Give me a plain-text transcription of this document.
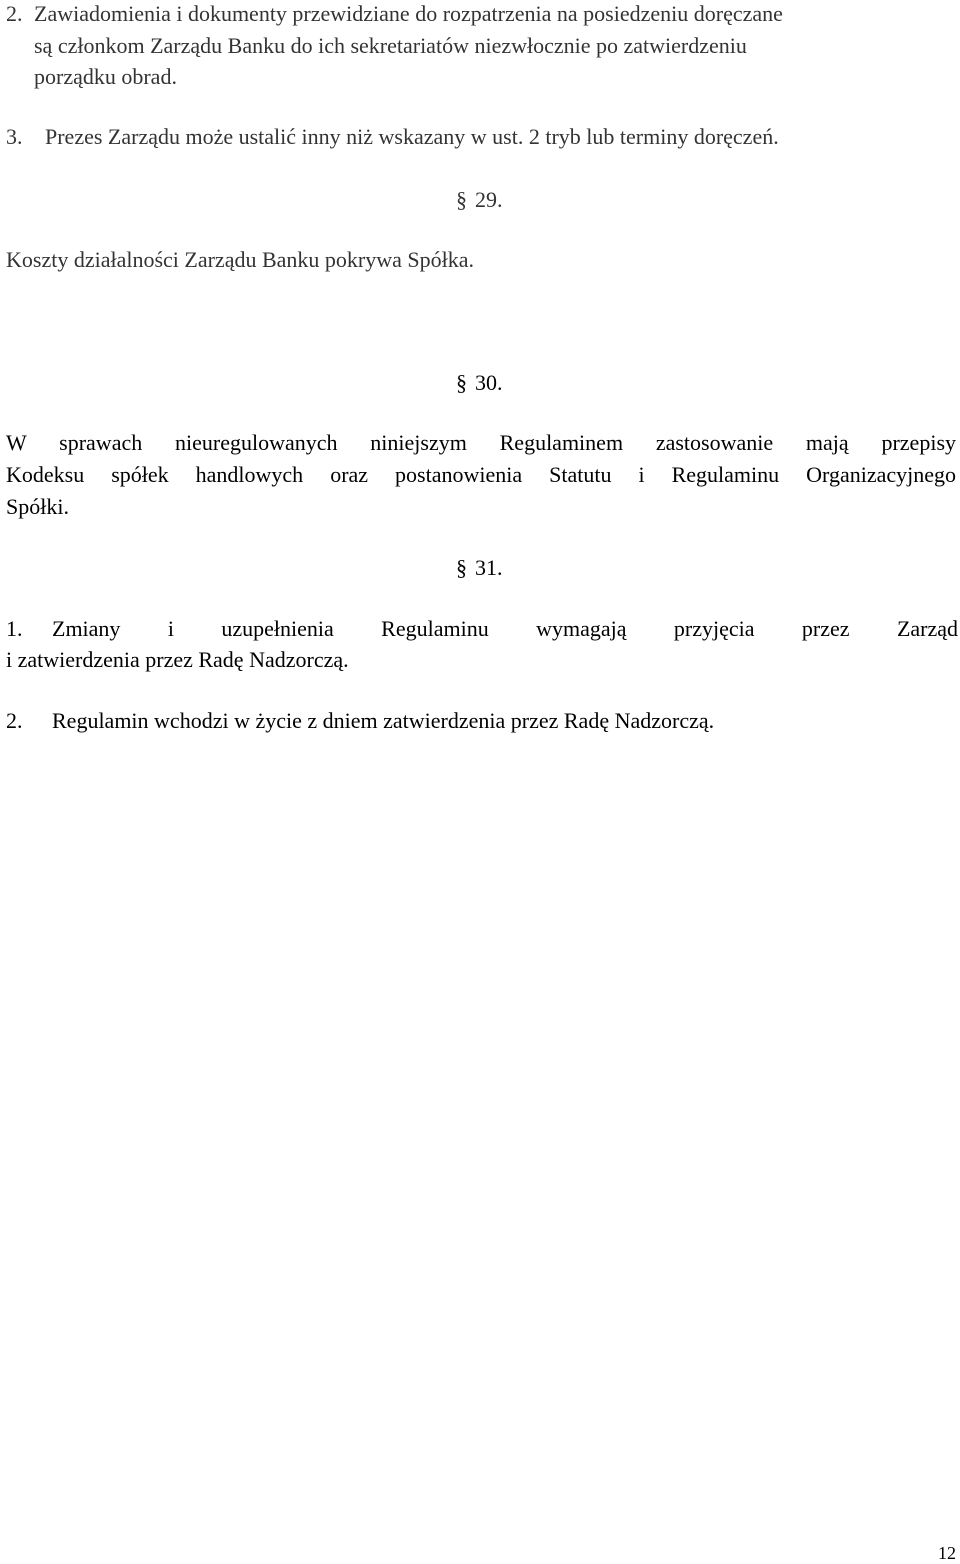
2. Zawiadomienia i dokumenty przewidziane do rozpatrzenia na posiedzeniu doręczane
są członkom Zarządu Banku do ich sekretariatów niezwłocznie po zatwierdzeniu
porządku obrad.
3. Prezes Zarządu może ustalić inny niż wskazany w ust. 2 tryb lub terminy doręczeń.
§ 29.
Koszty działalności Zarządu Banku pokrywa Spółka.
§ 30.
W sprawach nieuregulowanych niniejszym Regulaminem zastosowanie mają przepisy
Kodeksu spółek handlowych oraz postanowienia Statutu i Regulaminu Organizacyjnego
Spółki.
§ 31.
1. Zmiany i uzupełnienia Regulaminu wymagają przyjęcia przez Zarząd
i zatwierdzenia przez Radę Nadzorczą.
2. Regulamin wchodzi w życie z dniem zatwierdzenia przez Radę Nadzorczą.
12
